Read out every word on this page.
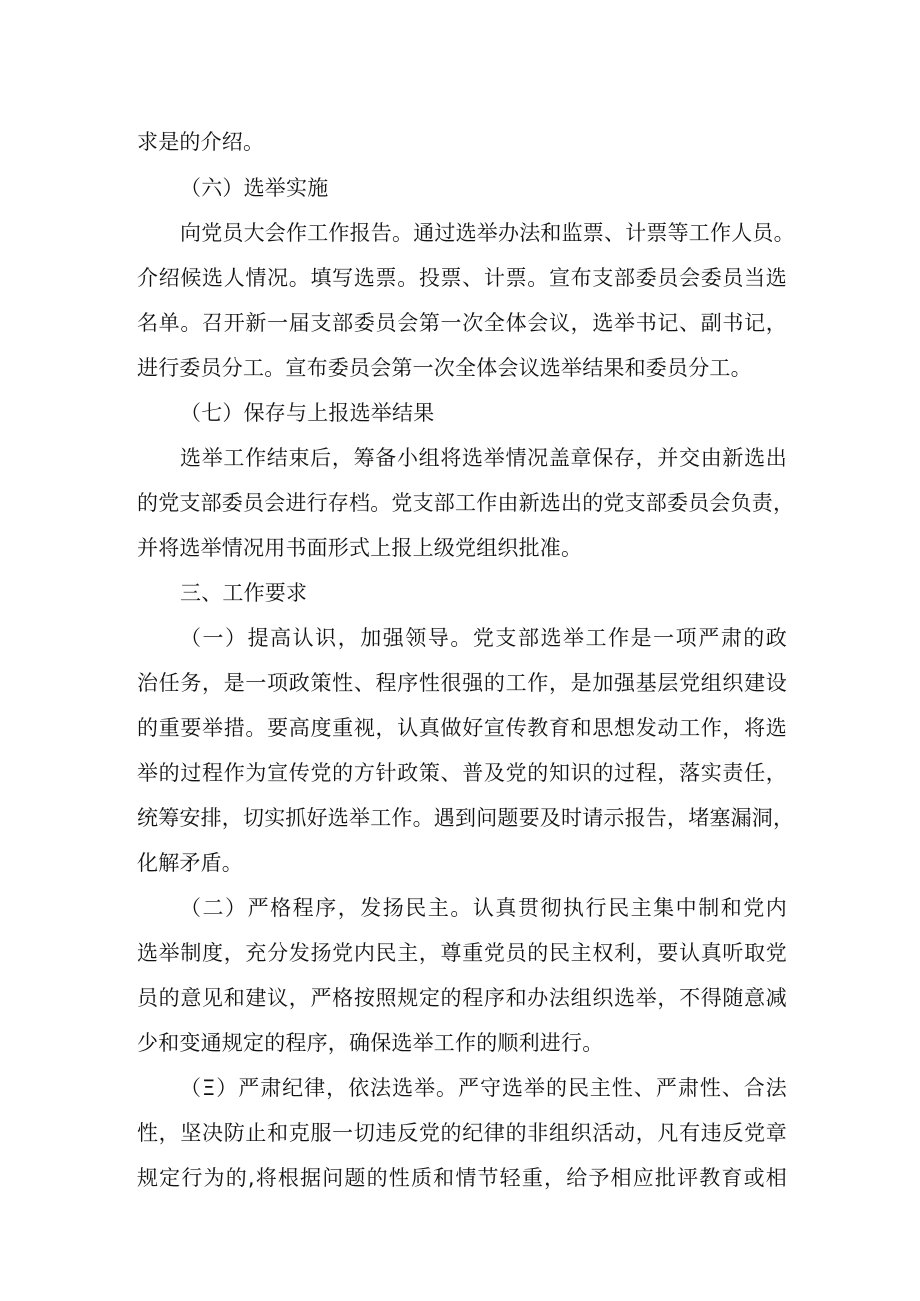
求是的介绍。
（六）选举实施
向党员大会作工作报告。通过选举办法和监票、计票等工作人员。
介绍候选人情况。填写选票。投票、计票。宣布支部委员会委员当选
名单。召开新一届支部委员会第一次全体会议，选举书记、副书记，
进行委员分工。宣布委员会第一次全体会议选举结果和委员分工。
（七）保存与上报选举结果
选举工作结束后，筹备小组将选举情况盖章保存，并交由新选出
的党支部委员会进行存档。党支部工作由新选出的党支部委员会负责，
并将选举情况用书面形式上报上级党组织批准。
三、工作要求
（一）提高认识，加强领导。党支部选举工作是一项严肃的政
治任务，是一项政策性、程序性很强的工作，是加强基层党组织建设
的重要举措。要高度重视，认真做好宣传教育和思想发动工作，将选
举的过程作为宣传党的方针政策、普及党的知识的过程，落实责任，
统筹安排，切实抓好选举工作。遇到问题要及时请示报告，堵塞漏洞，
化解矛盾。
（二）严格程序，发扬民主。认真贯彻执行民主集中制和党内
选举制度，充分发扬党内民主，尊重党员的民主权利，要认真听取党
员的意见和建议，严格按照规定的程序和办法组织选举，不得随意减
少和变通规定的程序，确保选举工作的顺利进行。
（Ξ）严肃纪律，依法选举。严守选举的民主性、严肃性、合法
性，坚决防止和克服一切违反党的纪律的非组织活动，凡有违反党章
规定行为的,将根据问题的性质和情节轻重，给予相应批评教育或相
